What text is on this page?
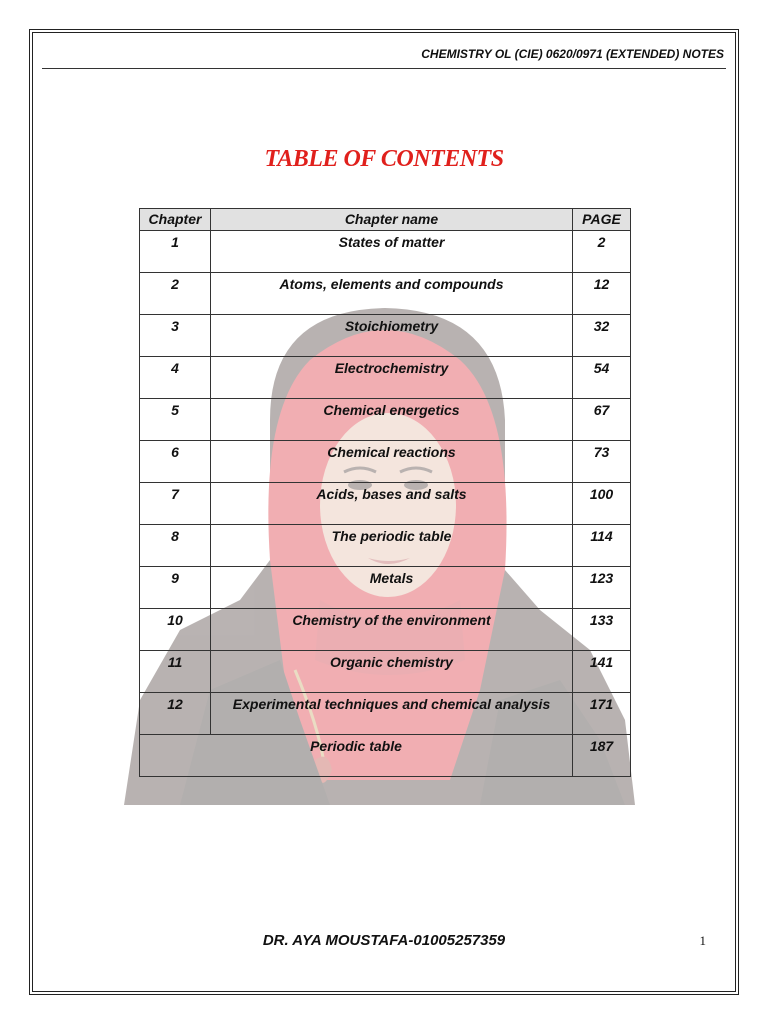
CHEMISTRY OL (CIE) 0620/0971 (EXTENDED) NOTES
TABLE OF CONTENTS
Chapter	Chapter name	PAGE
1	States of matter	2
2	Atoms, elements and compounds	12
3	Stoichiometry	32
4	Electrochemistry	54
5	Chemical energetics	67
6	Chemical reactions	73
7	Acids, bases and salts	100
8	The periodic table	114
9	Metals	123
10	Chemistry of the environment	133
11	Organic chemistry	141
12	Experimental techniques and chemical analysis	171
Periodic table		187
DR. AYA MOUSTAFA-01005257359	1
